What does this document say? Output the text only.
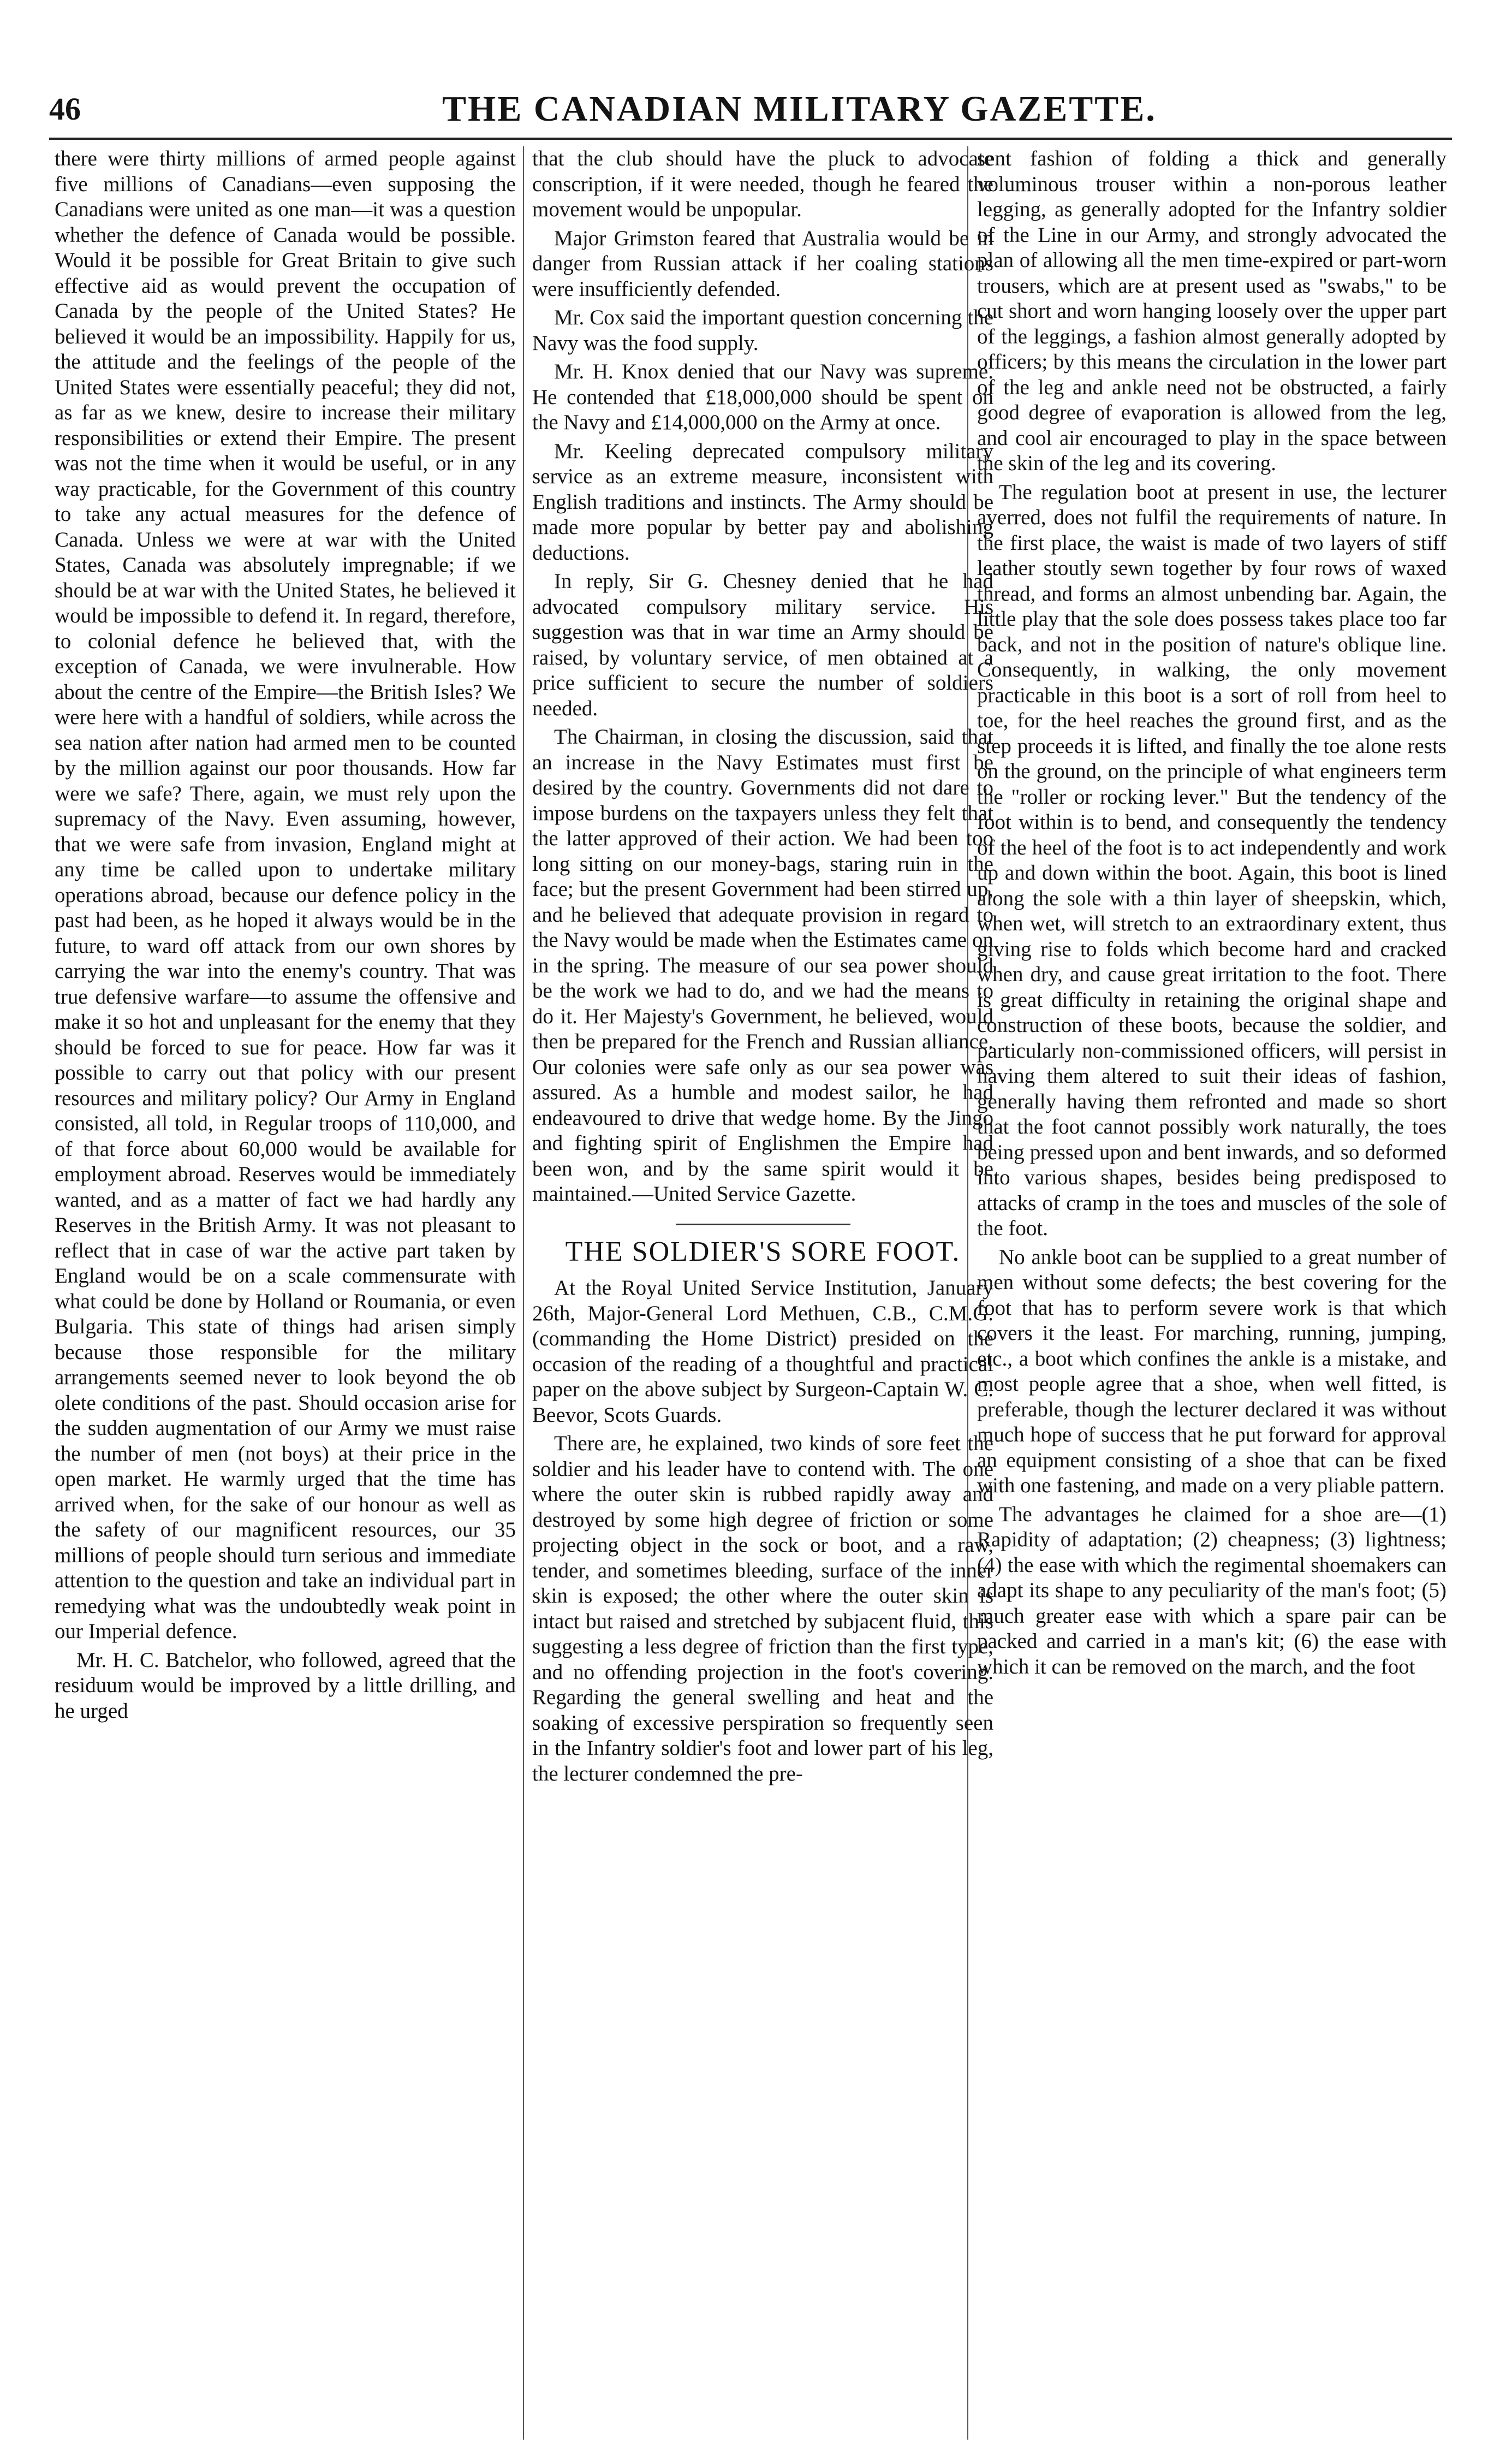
46	THE CANADIAN MILITARY GAZETTE.

there were thirty millions of armed people against five millions of Canadians—even supposing the Canadians were united as one man—it was a question whether the defence of Canada would be possible. Would it be possible for Great Britain to give such effective aid as would prevent the occupation of Canada by the people of the United States? He believed it would be an impossibility. Happily for us, the attitude and the feelings of the people of the United States were essentially peaceful; they did not, as far as we knew, desire to increase their military responsibilities or extend their Empire. The present was not the time when it would be useful, or in any way practicable, for the Government of this country to take any actual measures for the defence of Canada. Unless we were at war with the United States, Canada was absolutely impregnable; if we should be at war with the United States, he believed it would be impossible to defend it. In regard, therefore, to colonial defence he believed that, with the exception of Canada, we were invulnerable. How about the centre of the Empire—the British Isles? We were here with a handful of soldiers, while across the sea nation after nation had armed men to be counted by the million against our poor thousands. How far were we safe? There, again, we must rely upon the supremacy of the Navy. Even assuming, however, that we were safe from invasion, England might at any time be called upon to undertake military operations abroad, because our defence policy in the past had been, as he hoped it always would be in the future, to ward off attack from our own shores by carrying the war into the enemy's country. That was true defensive warfare—to assume the offensive and make it so hot and unpleasant for the enemy that they should be forced to sue for peace. How far was it possible to carry out that policy with our present resources and military policy? Our Army in England consisted, all told, in Regular troops of 110,000, and of that force about 60,000 would be available for employment abroad. Reserves would be immediately wanted, and as a matter of fact we had hardly any Reserves in the British Army. It was not pleasant to reflect that in case of war the active part taken by England would be on a scale commensurate with what could be done by Holland or Roumania, or even Bulgaria. This state of things had arisen simply because those responsible for the military arrangements seemed never to look beyond the ob olete conditions of the past. Should occasion arise for the sudden augmentation of our Army we must raise the number of men (not boys) at their price in the open market. He warmly urged that the time has arrived when, for the sake of our honour as well as the safety of our magnificent resources, our 35 millions of people should turn serious and immediate attention to the question and take an individual part in remedying what was the undoubtedly weak point in our Imperial defence.

Mr. H. C. Batchelor, who followed, agreed that the residuum would be improved by a little drilling, and he urged

that the club should have the pluck to advocate conscription, if it were needed, though he feared the movement would be unpopular.

Major Grimston feared that Australia would be in danger from Russian attack if her coaling stations were insufficiently defended.

Mr. Cox said the important question concerning the Navy was the food supply.

Mr. H. Knox denied that our Navy was supreme. He contended that £18,000,000 should be spent on the Navy and £14,000,000 on the Army at once.

Mr. Keeling deprecated compulsory military service as an extreme measure, inconsistent with English traditions and instincts. The Army should be made more popular by better pay and abolishing deductions.

In reply, Sir G. Chesney denied that he had advocated compulsory military service. His suggestion was that in war time an Army should be raised, by voluntary service, of men obtained at a price sufficient to secure the number of soldiers needed.

The Chairman, in closing the discussion, said that an increase in the Navy Estimates must first be desired by the country. Governments did not dare to impose burdens on the taxpayers unless they felt that the latter approved of their action. We had been too long sitting on our money-bags, staring ruin in the face; but the present Government had been stirred up, and he believed that adequate provision in regard to the Navy would be made when the Estimates came on in the spring. The measure of our sea power should be the work we had to do, and we had the means to do it. Her Majesty's Government, he believed, would then be prepared for the French and Russian alliance. Our colonies were safe only as our sea power was assured. As a humble and modest sailor, he had endeavoured to drive that wedge home. By the Jingo and fighting spirit of Englishmen the Empire had been won, and by the same spirit would it be maintained.—United Service Gazette.

THE SOLDIER'S SORE FOOT.

At the Royal United Service Institution, January 26th, Major-General Lord Methuen, C.B., C.M.G. (commanding the Home District) presided on the occasion of the reading of a thoughtful and practical paper on the above subject by Surgeon-Captain W. C. Beevor, Scots Guards.

There are, he explained, two kinds of sore feet the soldier and his leader have to contend with. The one where the outer skin is rubbed rapidly away and destroyed by some high degree of friction or some projecting object in the sock or boot, and a raw, tender, and sometimes bleeding, surface of the inner skin is exposed; the other where the outer skin is intact but raised and stretched by subjacent fluid, this suggesting a less degree of friction than the first type, and no offending projection in the foot's covering. Regarding the general swelling and heat and the soaking of excessive perspiration so frequently seen in the Infantry soldier's foot and lower part of his leg, the lecturer condemned the pre-

sent fashion of folding a thick and generally voluminous trouser within a non-porous leather legging, as generally adopted for the Infantry soldier of the Line in our Army, and strongly advocated the plan of allowing all the men time-expired or part-worn trousers, which are at present used as "swabs," to be cut short and worn hanging loosely over the upper part of the leggings, a fashion almost generally adopted by officers; by this means the circulation in the lower part of the leg and ankle need not be obstructed, a fairly good degree of evaporation is allowed from the leg, and cool air encouraged to play in the space between the skin of the leg and its covering.

The regulation boot at present in use, the lecturer averred, does not fulfil the requirements of nature. In the first place, the waist is made of two layers of stiff leather stoutly sewn together by four rows of waxed thread, and forms an almost unbending bar. Again, the little play that the sole does possess takes place too far back, and not in the position of nature's oblique line. Consequently, in walking, the only movement practicable in this boot is a sort of roll from heel to toe, for the heel reaches the ground first, and as the step proceeds it is lifted, and finally the toe alone rests on the ground, on the principle of what engineers term the "roller or rocking lever." But the tendency of the foot within is to bend, and consequently the tendency of the heel of the foot is to act independently and work up and down within the boot. Again, this boot is lined along the sole with a thin layer of sheepskin, which, when wet, will stretch to an extraordinary extent, thus giving rise to folds which become hard and cracked when dry, and cause great irritation to the foot. There is great difficulty in retaining the original shape and construction of these boots, because the soldier, and particularly non-commissioned officers, will persist in having them altered to suit their ideas of fashion, generally having them refronted and made so short that the foot cannot possibly work naturally, the toes being pressed upon and bent inwards, and so deformed into various shapes, besides being predisposed to attacks of cramp in the toes and muscles of the sole of the foot.

No ankle boot can be supplied to a great number of men without some defects; the best covering for the foot that has to perform severe work is that which covers it the least. For marching, running, jumping, etc., a boot which confines the ankle is a mistake, and most people agree that a shoe, when well fitted, is preferable, though the lecturer declared it was without much hope of success that he put forward for approval an equipment consisting of a shoe that can be fixed with one fastening, and made on a very pliable pattern.

The advantages he claimed for a shoe are—(1) Rapidity of adaptation; (2) cheapness; (3) lightness; (4) the ease with which the regimental shoemakers can adapt its shape to any peculiarity of the man's foot; (5) much greater ease with which a spare pair can be packed and carried in a man's kit; (6) the ease with which it can be removed on the march, and the foot
